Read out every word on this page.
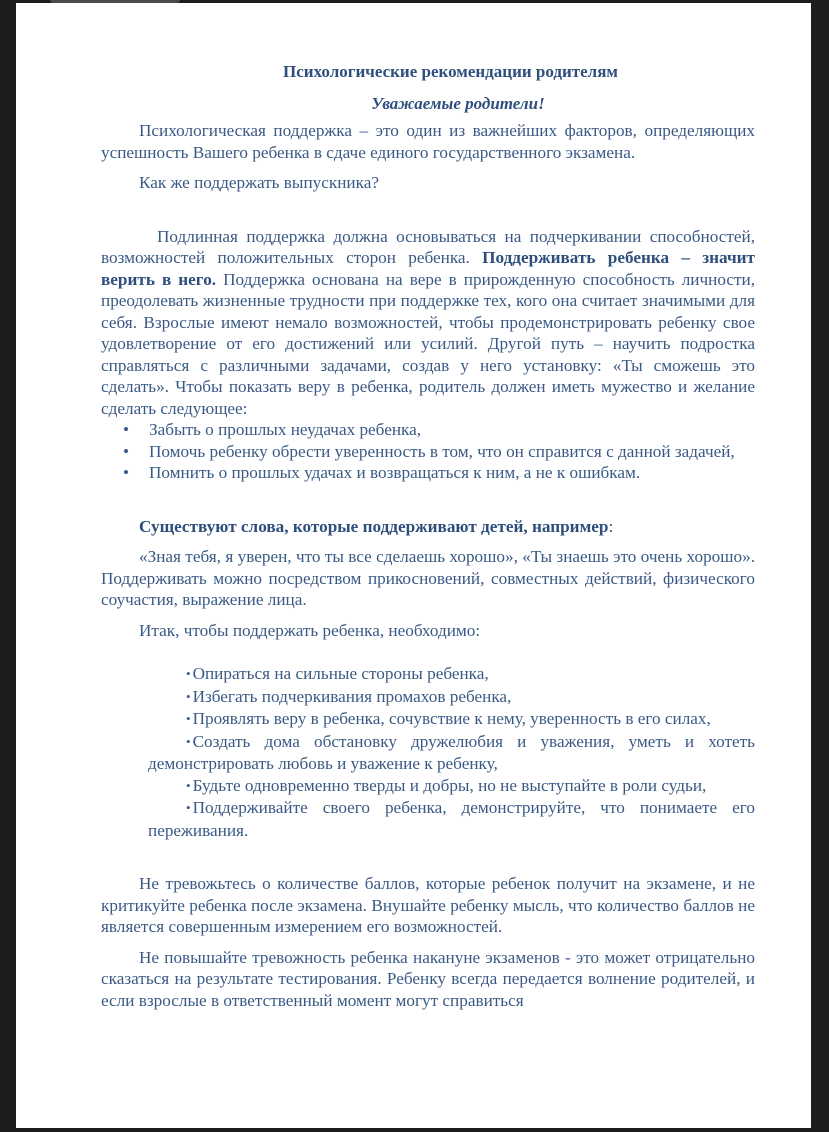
Психологические рекомендации родителям
Уважаемые родители!

Психологическая поддержка – это один из важнейших факторов, определяющих успешность Вашего ребенка в сдаче единого государственного экзамена.

Как же поддержать выпускника?

Подлинная поддержка должна основываться на подчеркивании способностей, возможностей положительных сторон ребенка. Поддерживать ребенка – значит верить в него. Поддержка основана на вере в прирожденную способность личности, преодолевать жизненные трудности при поддержке тех, кого она считает значимыми для себя. Взрослые имеют немало возможностей, чтобы продемонстрировать ребенку свое удовлетворение от его достижений или усилий. Другой путь – научить подростка справляться с различными задачами, создав у него установку: «Ты сможешь это сделать». Чтобы показать веру в ребенка, родитель должен иметь мужество и желание сделать следующее:

• Забыть о прошлых неудачах ребенка,
• Помочь ребенку обрести уверенность в том, что он справится с данной задачей,
• Помнить о прошлых удачах и возвращаться к ним, а не к ошибкам.

Существуют слова, которые поддерживают детей, например:

«Зная тебя, я уверен, что ты все сделаешь хорошо», «Ты знаешь это очень хорошо». Поддерживать можно посредством прикосновений, совместных действий, физического соучастия, выражение лица.

Итак, чтобы поддержать ребенка, необходимо:

• Опираться на сильные стороны ребенка,
• Избегать подчеркивания промахов ребенка,
• Проявлять веру в ребенка, сочувствие к нему, уверенность в его силах,
• Создать дома обстановку дружелюбия и уважения, уметь и хотеть демонстрировать любовь и уважение к ребенку,
• Будьте одновременно тверды и добры, но не выступайте в роли судьи,
• Поддерживайте своего ребенка, демонстрируйте, что понимаете его переживания.

Не тревожьтесь о количестве баллов, которые ребенок получит на экзамене, и не критикуйте ребенка после экзамена. Внушайте ребенку мысль, что количество баллов не является совершенным измерением его возможностей.

Не повышайте тревожность ребенка накануне экзаменов - это может отрицательно сказаться на результате тестирования. Ребенку всегда передается волнение родителей, и если взрослые в ответственный момент могут справиться
